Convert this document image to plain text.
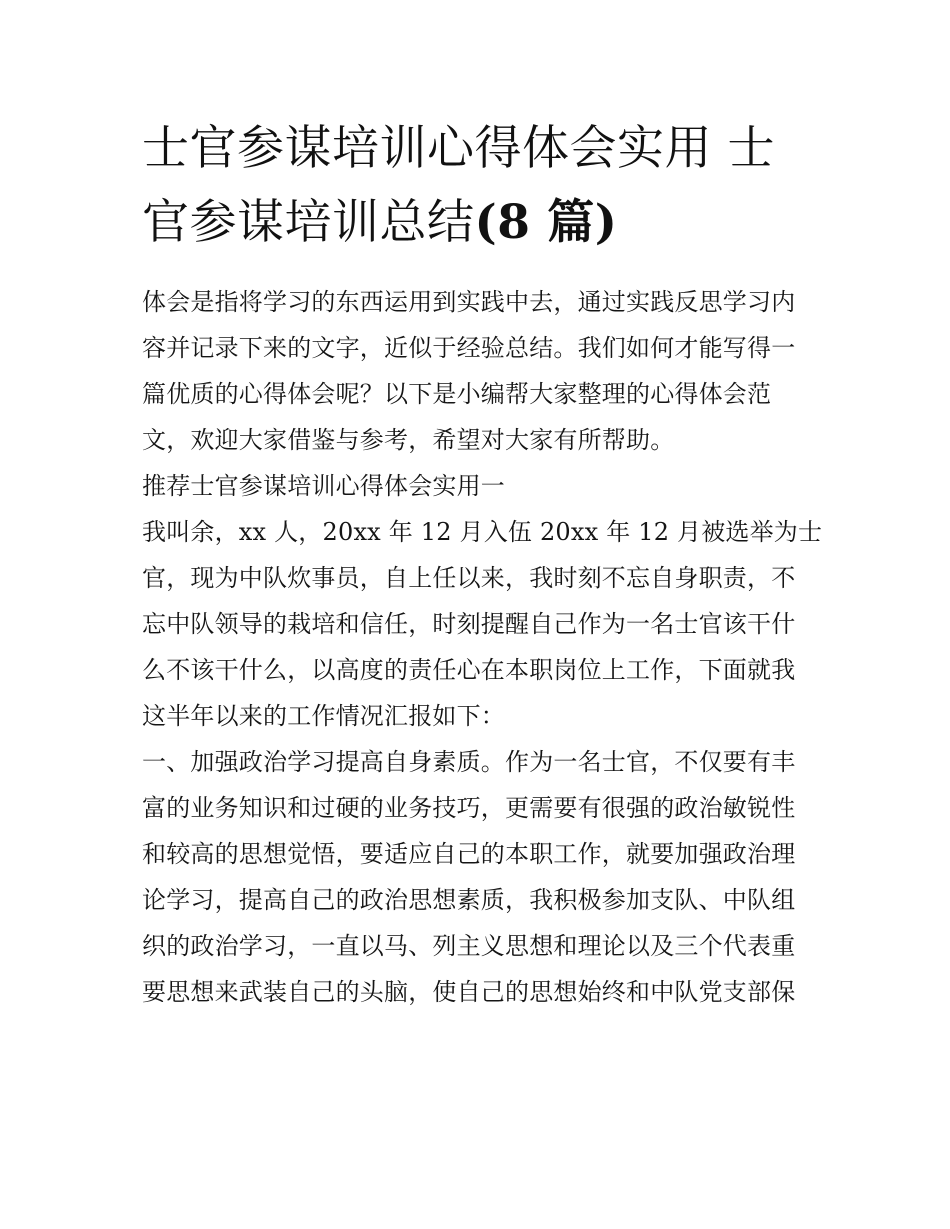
士官参谋培训心得体会实用 士
官参谋培训总结(8 篇)
体会是指将学习的东西运用到实践中去，通过实践反思学习内
容并记录下来的文字，近似于经验总结。我们如何才能写得一
篇优质的心得体会呢？以下是小编帮大家整理的心得体会范
文，欢迎大家借鉴与参考，希望对大家有所帮助。
推荐士官参谋培训心得体会实用一
我叫余，xx 人，20xx 年 12 月入伍 20xx 年 12 月被选举为士
官，现为中队炊事员，自上任以来，我时刻不忘自身职责，不
忘中队领导的栽培和信任，时刻提醒自己作为一名士官该干什
么不该干什么，以高度的责任心在本职岗位上工作，下面就我
这半年以来的工作情况汇报如下：
一、加强政治学习提高自身素质。作为一名士官，不仅要有丰
富的业务知识和过硬的业务技巧，更需要有很强的政治敏锐性
和较高的思想觉悟，要适应自己的本职工作，就要加强政治理
论学习，提高自己的政治思想素质，我积极参加支队、中队组
织的政治学习，一直以马、列主义思想和理论以及三个代表重
要思想来武装自己的头脑，使自己的思想始终和中队党支部保
